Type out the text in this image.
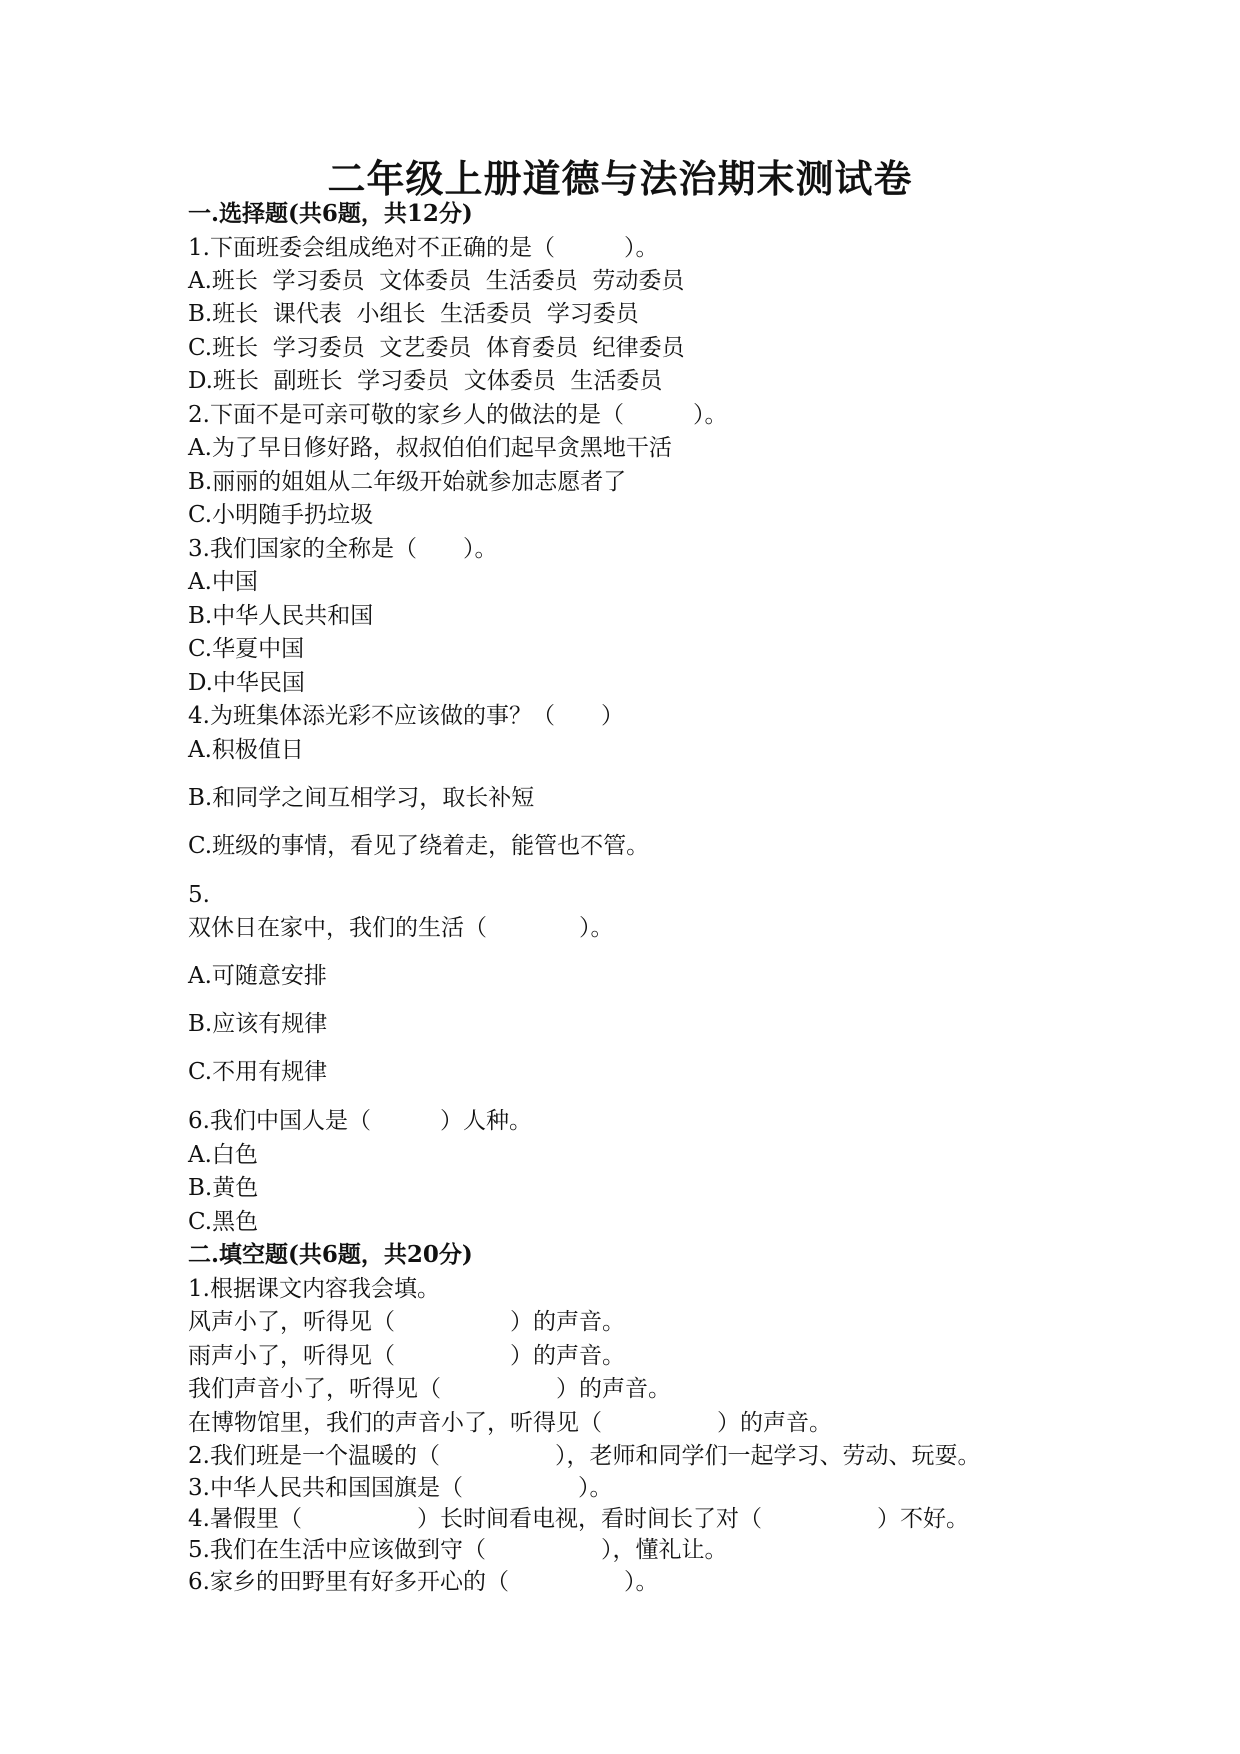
二年级上册道德与法治期末测试卷
一.选择题(共6题，共12分)
1.下面班委会组成绝对不正确的是（　　　）。
A.班长  学习委员  文体委员  生活委员  劳动委员
B.班长  课代表  小组长  生活委员  学习委员
C.班长  学习委员  文艺委员  体育委员  纪律委员
D.班长  副班长  学习委员  文体委员  生活委员
2.下面不是可亲可敬的家乡人的做法的是（　　　）。
A.为了早日修好路，叔叔伯伯们起早贪黑地干活
B.丽丽的姐姐从二年级开始就参加志愿者了
C.小明随手扔垃圾
3.我们国家的全称是（　　）。
A.中国
B.中华人民共和国
C.华夏中国
D.中华民国
4.为班集体添光彩不应该做的事？（　　）
A.积极值日
B.和同学之间互相学习，取长补短
C.班级的事情，看见了绕着走，能管也不管。
5.
双休日在家中，我们的生活（　　　　）。
A.可随意安排
B.应该有规律
C.不用有规律
6.我们中国人是（　　　）人种。
A.白色
B.黄色
C.黑色
二.填空题(共6题，共20分)
1.根据课文内容我会填。
风声小了，听得见（　　　　　）的声音。
雨声小了，听得见（　　　　　）的声音。
我们声音小了，听得见（　　　　　）的声音。
在博物馆里，我们的声音小了，听得见（　　　　　）的声音。
2.我们班是一个温暖的（　　　　　），老师和同学们一起学习、劳动、玩耍。
3.中华人民共和国国旗是（　　　　　）。
4.暑假里（　　　　　）长时间看电视，看时间长了对（　　　　　）不好。
5.我们在生活中应该做到守（　　　　　），懂礼让。
6.家乡的田野里有好多开心的（　　　　　）。
